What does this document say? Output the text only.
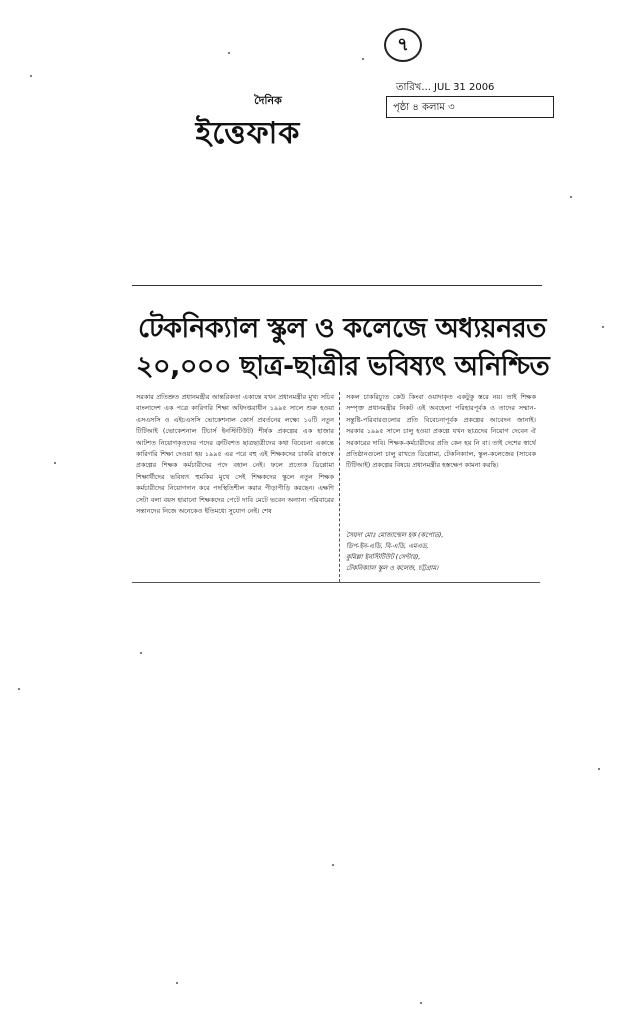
৭
দৈনিক
ইত্তেফাক
তারিখ... JUL 31 2006
পৃষ্ঠা ৪ কলাম ৩
টেকনিক্যাল স্কুল ও কলেজে অধ্যয়নরত
২০,০০০ ছাত্র-ছাত্রীর ভবিষ্যৎ অনিশ্চিত
সরকার প্রতিশ্রুত প্রধানমন্ত্রীর আন্তরিকতা একান্তে যখন প্রধানমন্ত্রীর মুখ্য সচিব বাংলাদেশ এক পত্রে কারিগরি শিক্ষা অধিদপ্তরাধীন ১৯৯৫ সালে শুরু হওয়া এসএসসি ও এইচএসসি ভোকেশনাল কোর্স প্রবর্তনের লক্ষ্যে ১০টি নতুন টিটিআই (ভোকেশনাল টিচার্স ইনস্টিটিউট) শীর্ষক প্রকল্পের এক হাজার আটশত নিয়োগকৃতদের পদের ত্রুটিবশত ছাত্রছাত্রীদের কথা বিবেচনা একান্তে কারিগরি শিক্ষা দেওয়া হয় ১৯৯৫ এর পরে বহু এই শিক্ষকদের চাকরি রাজস্বে প্রকল্পের শিক্ষক কর্মচারীদের পদে বহাল নেই। ফলে প্রত্যেক ডিপ্লোমা শিক্ষার্থীদের ভবিষ্যৎ হুমকির মুখে সেই শিক্ষকদের স্কুলে নতুন শিক্ষক কর্মচারীদের নিয়োগদান করে পদস্থিতিশীল করার পীড়াপীড়ি করছেন। এক্ষণি সেটা বলা বয়স হারানো শিক্ষকদের পেটে দাবি মেটে ভবেন অন্যান্য পরিবারের সন্তানদের নিজে অনেকেও ইতিমধ্যে সুযোগ নেই। শেষ
সকল চাকরিচ্যুত কেউ কিংবা ওয়াদাকৃত একটুকু স্তরে নয়। তাই শিক্ষক সম্পৃক্ত প্রধানমন্ত্রীর নিকট এই অবহেলা পরিহারপূর্বক ও তাদের সম্মান-সন্তুষ্টি-পরিবারগুলোর প্রতি বিবেচনাপূর্বক প্রকল্পের আবেদন জানাই। সরকার ১৯৯৫ সালে চালু হওয়া প্রকল্পে যখন ছাত্রদের নিয়োগ দেবেন ঐ সরকারের দাবি। শিক্ষক-কর্মচারীদের প্রতি কেন হয় নি বা। তাই দেশের স্বার্থে প্রতিষ্ঠানগুলো চালু রাখতে ডিপ্লোমা, টেকনিক্যাল, স্কুল-কলেজের (সাবেক টিটিআই) প্রকল্পের বিষয়ে প্রধানমন্ত্রীর হস্তক্ষেপ কামনা করছি।
সৈয়দা মোঃ মোজাম্মেল হক (কপোত),
ডিপ-ইন-এডি, বি-এডি, এমএড,
কুমিল্লা ইনস্টিটিউট (সেন্টার),
টেকনিক্যাল স্কুল ও কলেজ, চট্টগ্রাম।
